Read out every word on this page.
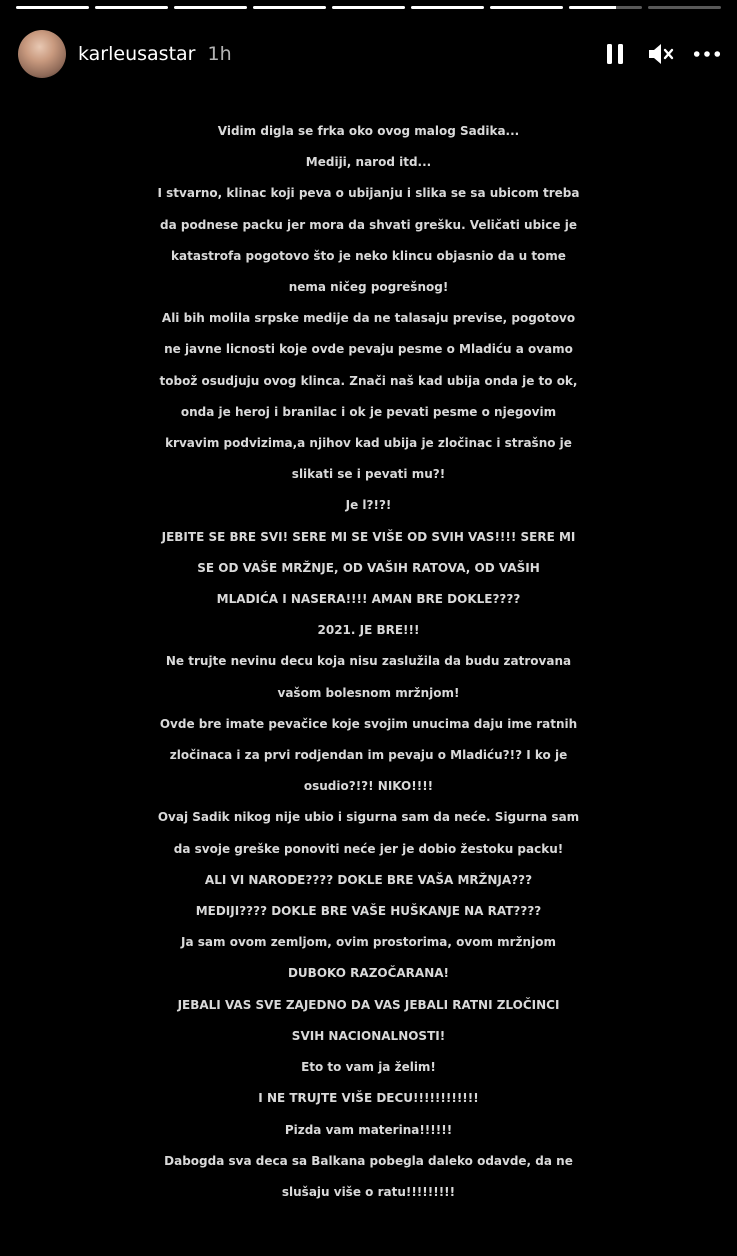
karleusastar 1h
Vidim digla se frka oko ovog malog Sadika...
Mediji, narod itd...
I stvarno, klinac koji peva o ubijanju i slika se sa ubicom treba
da podnese packu jer mora da shvati grešku. Veličati ubice je
katastrofa pogotovo što je neko klincu objasnio da u tome
nema ničeg pogrešnog!
Ali bih molila srpske medije da ne talasaju previse, pogotovo
ne javne licnosti koje ovde pevaju pesme o Mladiću a ovamo
tobož osudjuju ovog klinca. Znači naš kad ubija onda je to ok,
onda je heroj i branilac i ok je pevati pesme o njegovim
krvavim podvizima,a njihov kad ubija je zločinac i strašno je
slikati se i pevati mu?!
Je l?!?!
JEBITE SE BRE SVI! SERE MI SE VIŠE OD SVIH VAS!!!! SERE MI
SE OD VAŠE MRŽNJE, OD VAŠIH RATOVA, OD VAŠIH
MLADIĆA I NASERA!!!! AMAN BRE DOKLE????
2021. JE BRE!!!
Ne trujte nevinu decu koja nisu zaslužila da budu zatrovana
vašom bolesnom mržnjom!
Ovde bre imate pevačice koje svojim unucima daju ime ratnih
zločinaca i za prvi rodjendan im pevaju o Mladiću?!? I ko je
osudio?!?! NIKO!!!!
Ovaj Sadik nikog nije ubio i sigurna sam da neće. Sigurna sam
da svoje greške ponoviti neće jer je dobio žestoku packu!
ALI VI NARODE???? DOKLE BRE VAŠA MRŽNJA???
MEDIJI???? DOKLE BRE VAŠE HUŠKANJE NA RAT????
Ja sam ovom zemljom, ovim prostorima, ovom mržnjom
DUBOKO RAZOČARANA!
JEBALI VAS SVE ZAJEDNO DA VAS JEBALI RATNI ZLOČINCI
SVIH NACIONALNOSTI!
Eto to vam ja želim!
I NE TRUJTE VIŠE DECU!!!!!!!!!!!!
Pizda vam materina!!!!!!
Dabogda sva deca sa Balkana pobegla daleko odavde, da ne
slušaju više o ratu!!!!!!!!!
